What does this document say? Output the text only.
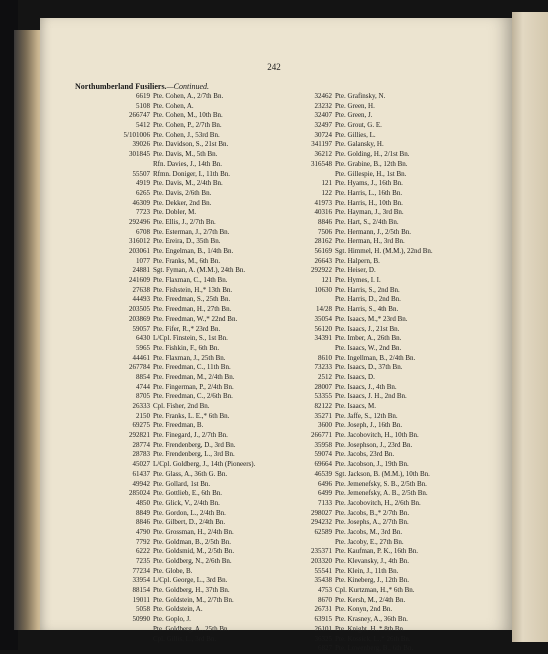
242
Northumberland Fusiliers.—Continued.
6619 Pte. Cohen, A., 2/7th Bn.
5108 Pte. Cohen, A.
266747 Pte. Cohen, M., 10th Bn.
5412 Pte. Cohen, P., 2/7th Bn.
5/101006 Pte. Cohen, J., 53rd Bn.
39026 Pte. Davidson, S., 21st Bn.
301845 Pte. Davis, M., 5th Bn.
Rfn. Davies, J., 14th Bn.
55507 Rfmn. Doniger, I., 11th Bn.
4919 Pte. Davis, M., 2/4th Bn.
6265 Pte. Davis, 2/6th Bn.
46309 Pte. Dekker, 2nd Bn.
7723 Pte. Dobler, M.
292496 Pte. Ellis, J., 2/7th Bn.
6708 Pte. Esterman, J., 2/7th Bn.
316012 Pte. Ereira, D., 35th Bn.
203061 Pte. Engelman, B., 1/4th Bn.
1077 Pte. Franks, M., 6th Bn.
24881 Sgt. Fyman, A. (M.M.), 24th Bn.
241609 Pte. Flaxman, C., 14th Bn.
27638 Pte. Fishstein, H.,* 13th Bn.
44493 Pte. Freedman, S., 25th Bn.
203505 Pte. Freedman, H., 27th Bn.
203869 Pte. Freedman, W.,* 22nd Bn.
59057 Pte. Fifer, R.,* 23rd Bn.
6430 L/Cpl. Finstein, S., 1st Bn.
5965 Pte. Fishkin, F., 6th Bn.
44461 Pte. Flaxman, J., 25th Bn.
267784 Pte. Freedman, C., 11th Bn.
8854 Pte. Freedman, M., 2/4th Bn.
4744 Pte. Fingerman, P., 2/4th Bn.
8705 Pte. Freedman, C., 2/6th Bn.
26333 Cpl. Fisher, 2nd Bn.
2150 Pte. Franks, L. E.,* 6th Bn.
69275 Pte. Freedman, B.
292821 Pte. Finegard, J., 2/7th Bn.
28774 Pte. Frendenberg, D., 3rd Bn.
28783 Pte. Frendenberg, L., 3rd Bn.
45027 L/Cpl. Goldberg, J., 14th (Pioneers).
61437 Pte. Glass, A., 36th G. Bn.
49942 Pte. Gollard, 1st Bn.
285024 Pte. Gottlieb, E., 6th Bn.
4850 Pte. Glick, V., 2/4th Bn.
8849 Pte. Gordon, L., 2/4th Bn.
8846 Pte. Gilbert, D., 2/4th Bn.
4790 Pte. Grossman, H., 2/4th Bn.
7792 Pte. Goldman, B., 2/5th Bn.
6222 Pte. Goldsmid, M., 2/5th Bn.
7235 Pte. Goldberg, N., 2/6th Bn.
77234 Pte. Globe, B.
33954 L/Cpl. George, L., 3rd Bn.
88154 Pte. Goldberg, H., 37th Bn.
19011 Pte. Goldstein, M., 2/7th Bn.
5058 Pte. Goldstein, A.
50990 Pte. Goplo, J.
Pte. Goldberg, A., 25th Bn.
Cpl. Gillis, L., 3rd Bn.
32462 Pte. Grafinsky, N.
23232 Pte. Green, H.
32407 Pte. Green, J.
32497 Pte. Grout, G. E.
30724 Pte. Gillies, L.
341197 Pte. Galansky, H.
36212 Pte. Golding, H., 2/1st Bn.
316548 Pte. Grabine, B., 12th Bn.
Pte. Gillespie, H., 1st Bn.
121 Pte. Hyams, J., 16th Bn.
122 Pte. Harris, L., 16th Bn.
41973 Pte. Harris, H., 10th Bn.
40316 Pte. Hayman, J., 3rd Bn.
8846 Pte. Hart, S., 2/4th Bn.
7506 Pte. Hermann, J., 2/5th Bn.
28162 Pte. Herman, H., 3rd Bn.
56169 Sgt. Himmel, H. (M.M.), 22nd Bn.
26643 Pte. Halpern, B.
292922 Pte. Heiser, D.
121 Pte. Hymes, I. I.
10630 Pte. Harris, S., 2nd Bn.
Pte. Harris, D., 2nd Bn.
14/28 Pte. Harris, S., 4th Bn.
35054 Pte. Isaacs, M.,* 23rd Bn.
56120 Pte. Isaacs, J., 21st Bn.
34391 Pte. Imber, A., 26th Bn.
Pte. Isaacs, W., 2nd Bn.
8610 Pte. Ingellman, B., 2/4th Bn.
73233 Pte. Isaacs, D., 37th Bn.
2512 Pte. Isaacs, D.
28007 Pte. Isaacs, J., 4th Bn.
53355 Pte. Isaacs, J. H., 2nd Bn.
82122 Pte. Isaacs, M.
35271 Pte. Jaffe, S., 12th Bn.
3600 Pte. Joseph, J., 16th Bn.
266771 Pte. Jacobovitch, H., 10th Bn.
35958 Pte. Josephson, J., 23rd Bn.
59074 Pte. Jacobs, 23rd Bn.
69664 Pte. Jacobson, J., 19th Bn.
46539 Sgt. Jackson, B. (M.M.), 10th Bn.
6496 Pte. Jemenefsky, S. B., 2/5th Bn.
6499 Pte. Jemenefsky, A. B., 2/5th Bn.
7133 Pte. Jacobovitch, H., 2/6th Bn.
298027 Pte. Jacobs, B.,* 2/7th Bn.
294232 Pte. Josephs, A., 2/7th Bn.
62589 Pte. Jacobs, M., 3rd Bn.
Pte. Jacoby, E., 27th Bn.
235371 Pte. Kaufman, P. K., 16th Bn.
203320 Pte. Klevansky, J., 4th Bn.
55541 Pte. Klein, J., 11th Bn.
35438 Pte. Kineberg, J., 12th Bn.
4753 Cpl. Kurtzman, H.,* 6th Bn.
8670 Pte. Kersh, M., 2/4th Bn.
26731 Pte. Konyn, 2nd Bn.
63915 Pte. Krasney, A., 36th Bn.
26101 Pte. Knight, H.,* 8th Bn.
36325 Pte. Kossick, L.,* 26th Bn.
6827 Pte. Lowenberg, B., 6th Bn.
